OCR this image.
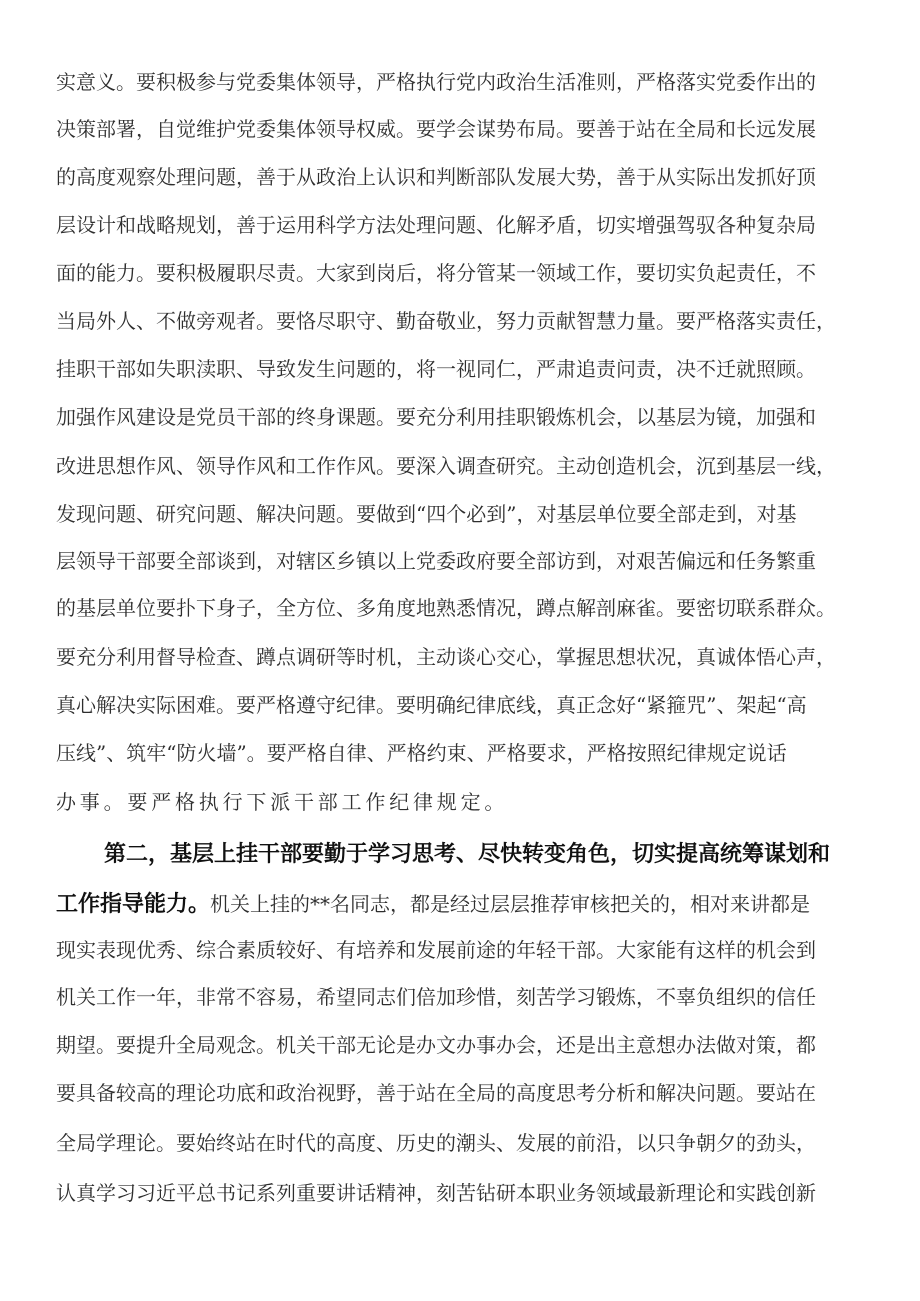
实意义。要积极参与党委集体领导，严格执行党内政治生活准则，严格落实党委作出的
决策部署，自觉维护党委集体领导权威。要学会谋势布局。要善于站在全局和长远发展
的高度观察处理问题，善于从政治上认识和判断部队发展大势，善于从实际出发抓好顶
层设计和战略规划，善于运用科学方法处理问题、化解矛盾，切实增强驾驭各种复杂局
面的能力。要积极履职尽责。大家到岗后，将分管某一领域工作，要切实负起责任，不
当局外人、不做旁观者。要恪尽职守、勤奋敬业，努力贡献智慧力量。要严格落实责任，
挂职干部如失职渎职、导致发生问题的，将一视同仁，严肃追责问责，决不迁就照顾。
加强作风建设是党员干部的终身课题。要充分利用挂职锻炼机会，以基层为镜，加强和
改进思想作风、领导作风和工作作风。要深入调查研究。主动创造机会，沉到基层一线，
发现问题、研究问题、解决问题。要做到“四个必到”，对基层单位要全部走到，对基
层领导干部要全部谈到，对辖区乡镇以上党委政府要全部访到，对艰苦偏远和任务繁重
的基层单位要扑下身子，全方位、多角度地熟悉情况，蹲点解剖麻雀。要密切联系群众。
要充分利用督导检查、蹲点调研等时机，主动谈心交心，掌握思想状况，真诚体悟心声，
真心解决实际困难。要严格遵守纪律。要明确纪律底线，真正念好“紧箍咒”、架起“高
压线”、筑牢“防火墙”。要严格自律、严格约束、严格要求，严格按照纪律规定说话
办事。要严格执行下派干部工作纪律规定。
第二，基层上挂干部要勤于学习思考、尽快转变角色，切实提高统筹谋划和
工作指导能力。机关上挂的**名同志，都是经过层层推荐审核把关的，相对来讲都是
现实表现优秀、综合素质较好、有培养和发展前途的年轻干部。大家能有这样的机会到
机关工作一年，非常不容易，希望同志们倍加珍惜，刻苦学习锻炼，不辜负组织的信任
期望。要提升全局观念。机关干部无论是办文办事办会，还是出主意想办法做对策，都
要具备较高的理论功底和政治视野，善于站在全局的高度思考分析和解决问题。要站在
全局学理论。要始终站在时代的高度、历史的潮头、发展的前沿，以只争朝夕的劲头，
认真学习习近平总书记系列重要讲话精神，刻苦钻研本职业务领域最新理论和实践创新
